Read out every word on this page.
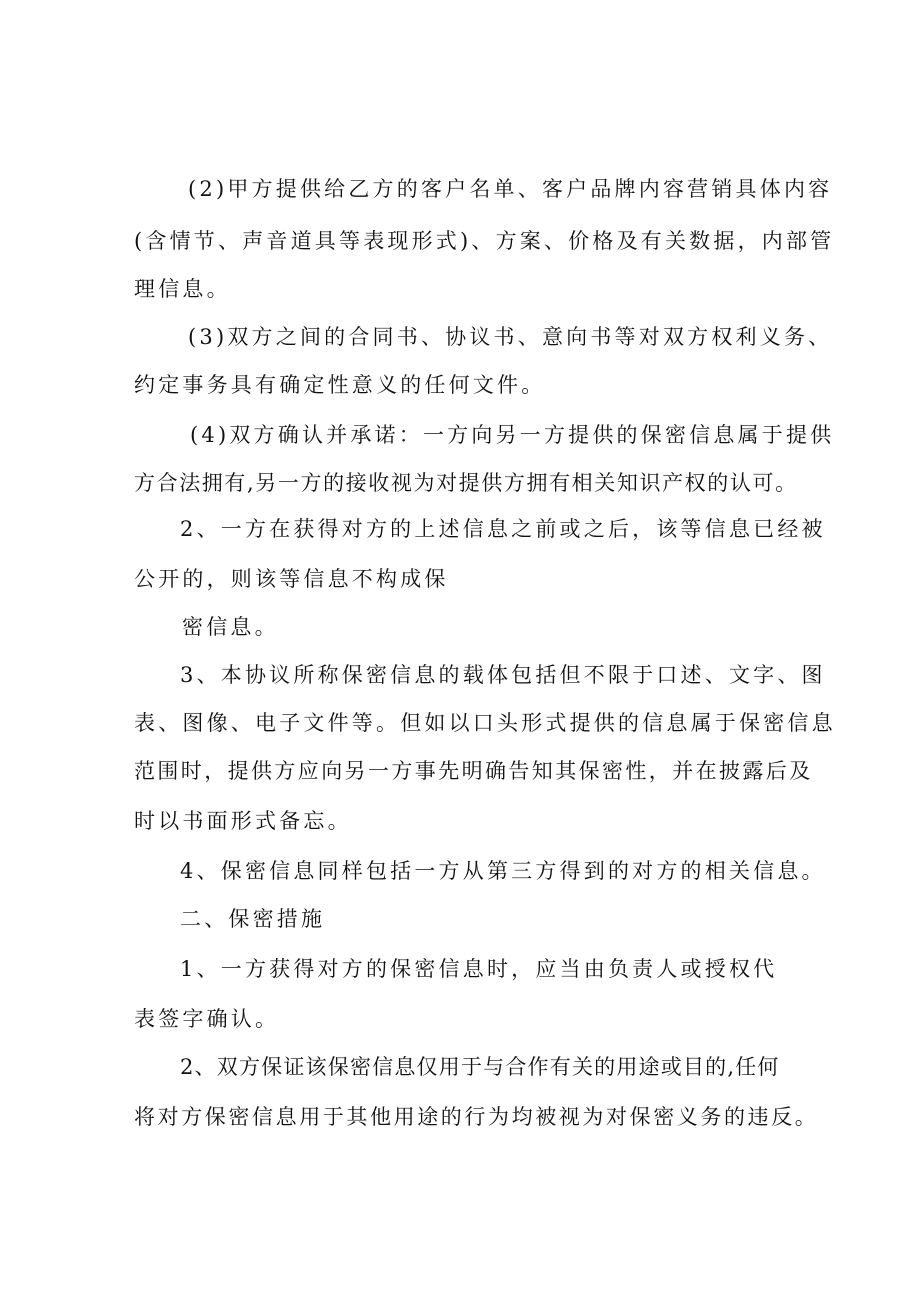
(2)甲方提供给乙方的客户名单、客户品牌内容营销具体内容
(含情节、声音道具等表现形式)、方案、价格及有关数据，内部管
理信息。
(3)双方之间的合同书、协议书、意向书等对双方权利义务、
约定事务具有确定性意义的任何文件。
(4)双方确认并承诺：一方向另一方提供的保密信息属于提供
方合法拥有,另一方的接收视为对提供方拥有相关知识产权的认可。
2、一方在获得对方的上述信息之前或之后，该等信息已经被
公开的，则该等信息不构成保
密信息。
3、本协议所称保密信息的载体包括但不限于口述、文字、图
表、图像、电子文件等。但如以口头形式提供的信息属于保密信息
范围时，提供方应向另一方事先明确告知其保密性，并在披露后及
时以书面形式备忘。
4、保密信息同样包括一方从第三方得到的对方的相关信息。
二、保密措施
1、一方获得对方的保密信息时，应当由负责人或授权代
表签字确认。
2、双方保证该保密信息仅用于与合作有关的用途或目的,任何
将对方保密信息用于其他用途的行为均被视为对保密义务的违反。
